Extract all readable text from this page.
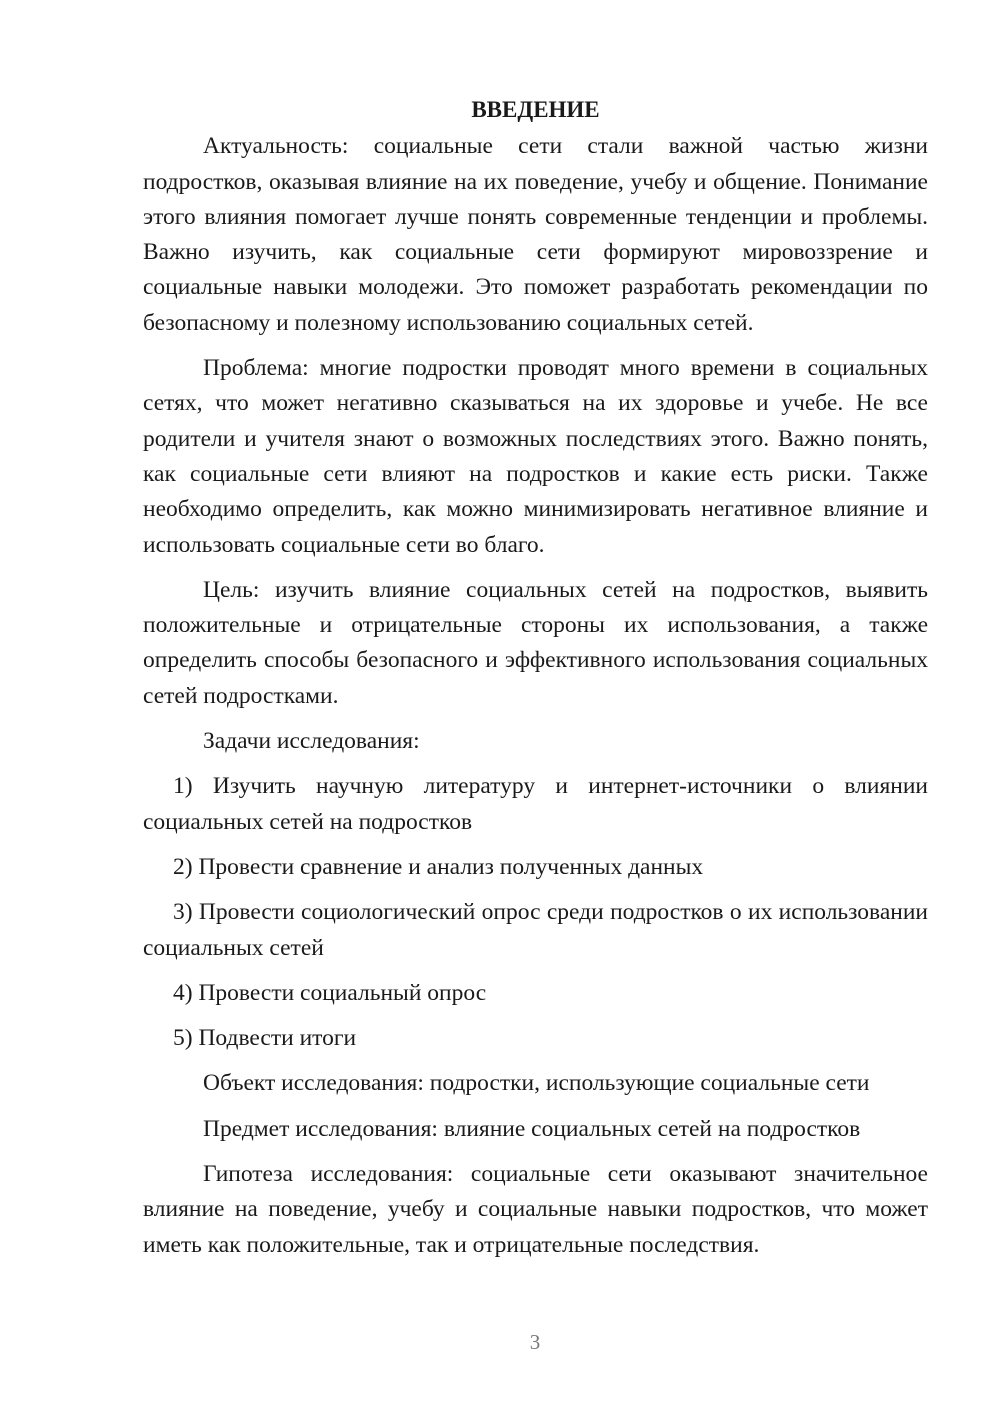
ВВЕДЕНИЕ

Актуальность: социальные сети стали важной частью жизни подростков, оказывая влияние на их поведение, учебу и общение. Понимание этого влияния помогает лучше понять современные тенденции и проблемы. Важно изучить, как социальные сети формируют мировоззрение и социальные навыки молодежи. Это поможет разработать рекомендации по безопасному и полезному использованию социальных сетей.

Проблема: многие подростки проводят много времени в социальных сетях, что может негативно сказываться на их здоровье и учебе. Не все родители и учителя знают о возможных последствиях этого. Важно понять, как социальные сети влияют на подростков и какие есть риски. Также необходимо определить, как можно минимизировать негативное влияние и использовать социальные сети во благо.

Цель: изучить влияние социальных сетей на подростков, выявить положительные и отрицательные стороны их использования, а также определить способы безопасного и эффективного использования социальных сетей подростками.

Задачи исследования:

1) Изучить научную литературу и интернет-источники о влиянии социальных сетей на подростков

2) Провести сравнение и анализ полученных данных

3) Провести социологический опрос среди подростков о их использовании социальных сетей

4) Провести социальный опрос

5) Подвести итоги

Объект исследования: подростки, использующие социальные сети

Предмет исследования: влияние социальных сетей на подростков

Гипотеза исследования: социальные сети оказывают значительное влияние на поведение, учебу и социальные навыки подростков, что может иметь как положительные, так и отрицательные последствия.

3
